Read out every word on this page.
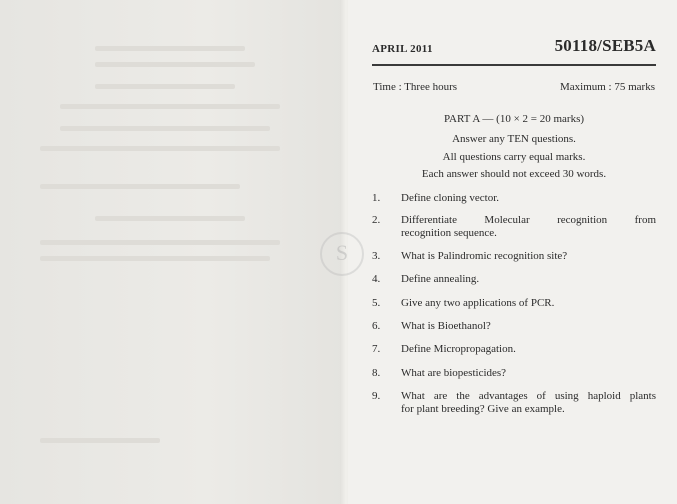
S
APRIL 2011	50118/SEB5A
Time : Three hours	Maximum : 75 marks
PART A — (10 × 2 = 20 marks)
Answer any TEN questions.
All questions carry equal marks.
Each answer should not exceed 30 words.
1.	Define cloning vector.
2.	Differentiate Molecular recognition from
recognition sequence.
3.	What is Palindromic recognition site?
4.	Define annealing.
5.	Give any two applications of PCR.
6.	What is Bioethanol?
7.	Define Micropropagation.
8.	What are biopesticides?
9.	What are the advantages of using haploid plants
for plant breeding? Give an example.
